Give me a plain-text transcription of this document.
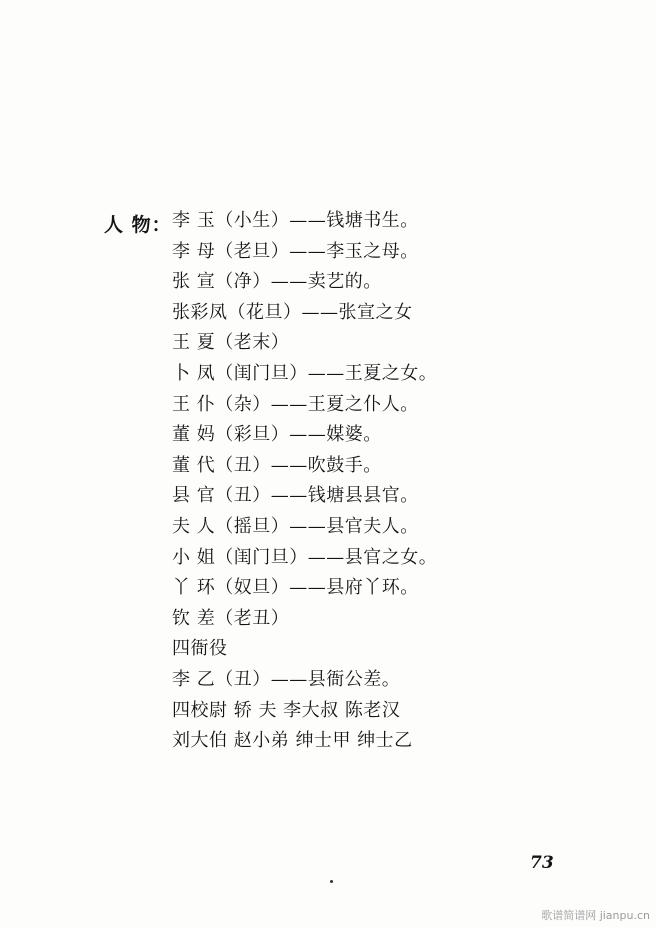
人 物： 李 玉（小生）——钱塘书生。
李 母（老旦）——李玉之母。
张 宣（净）——卖艺的。
张彩凤（花旦）——张宣之女
王 夏（老末）
卜 凤（闺门旦）——王夏之女。
王 仆（杂）——王夏之仆人。
董 妈（彩旦）——媒婆。
董 代（丑）——吹鼓手。
县 官（丑）——钱塘县县官。
夫 人（摇旦）——县官夫人。
小 姐（闺门旦）——县官之女。
丫 环（奴旦）——县府丫环。
钦 差（老丑）
四衙役
李 乙（丑）——县衙公差。
四校尉 轿 夫 李大叔 陈老汉
刘大伯 赵小弟 绅士甲 绅士乙
73
歌谱简谱网 jianpu.cn
